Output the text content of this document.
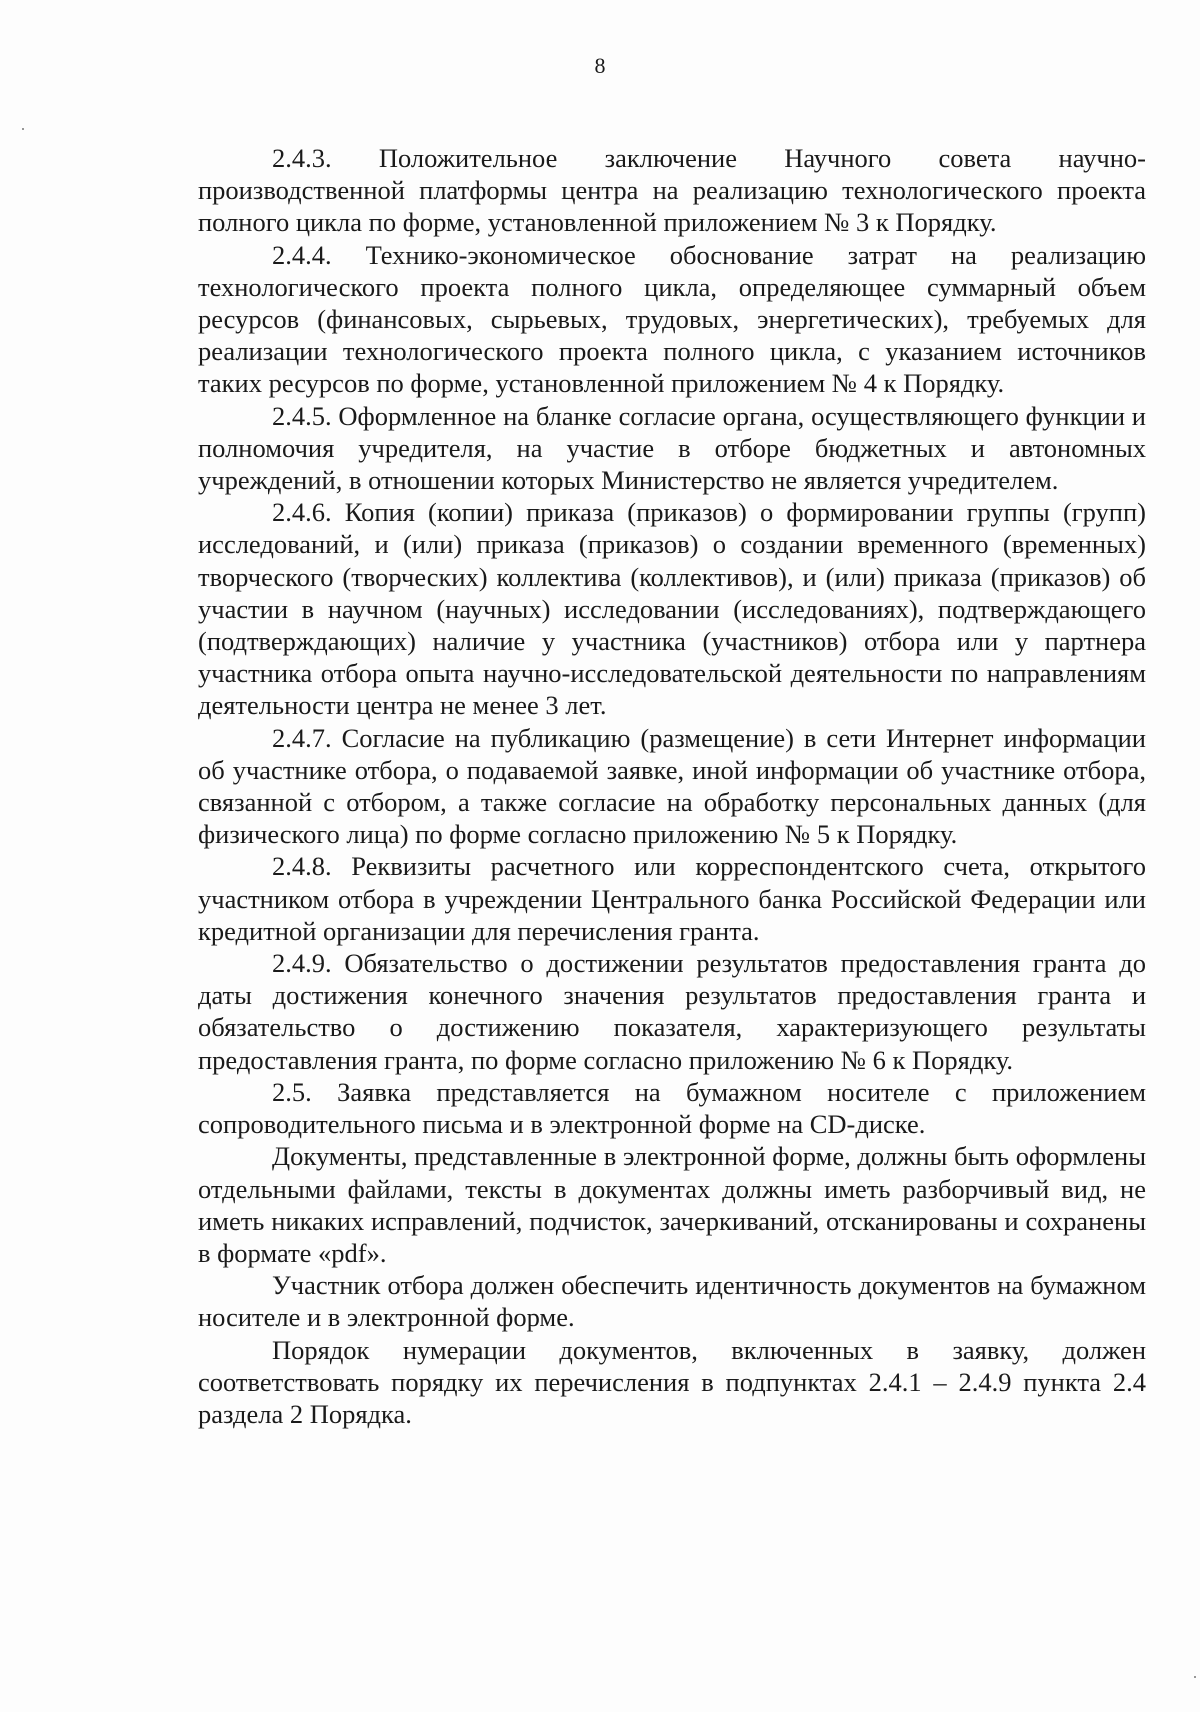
8

2.4.3. Положительное заключение Научного совета научно-производственной платформы центра на реализацию технологического проекта полного цикла по форме, установленной приложением № 3 к Порядку.

2.4.4. Технико-экономическое обоснование затрат на реализацию технологического проекта полного цикла, определяющее суммарный объем ресурсов (финансовых, сырьевых, трудовых, энергетических), требуемых для реализации технологического проекта полного цикла, с указанием источников таких ресурсов по форме, установленной приложением № 4 к Порядку.

2.4.5. Оформленное на бланке согласие органа, осуществляющего функции и полномочия учредителя, на участие в отборе бюджетных и автономных учреждений, в отношении которых Министерство не является учредителем.

2.4.6. Копия (копии) приказа (приказов) о формировании группы (групп) исследований, и (или) приказа (приказов) о создании временного (временных) творческого (творческих) коллектива (коллективов), и (или) приказа (приказов) об участии в научном (научных) исследовании (исследованиях), подтверждающего (подтверждающих) наличие у участника (участников) отбора или у партнера участника отбора опыта научно-исследовательской деятельности по направлениям деятельности центра не менее 3 лет.

2.4.7. Согласие на публикацию (размещение) в сети Интернет информации об участнике отбора, о подаваемой заявке, иной информации об участнике отбора, связанной с отбором, а также согласие на обработку персональных данных (для физического лица) по форме согласно приложению № 5 к Порядку.

2.4.8. Реквизиты расчетного или корреспондентского счета, открытого участником отбора в учреждении Центрального банка Российской Федерации или кредитной организации для перечисления гранта.

2.4.9. Обязательство о достижении результатов предоставления гранта до даты достижения конечного значения результатов предоставления гранта и обязательство о достижению показателя, характеризующего результаты предоставления гранта, по форме согласно приложению № 6 к Порядку.

2.5. Заявка представляется на бумажном носителе с приложением сопроводительного письма и в электронной форме на CD-диске.

Документы, представленные в электронной форме, должны быть оформлены отдельными файлами, тексты в документах должны иметь разборчивый вид, не иметь никаких исправлений, подчисток, зачеркиваний, отсканированы и сохранены в формате «pdf».

Участник отбора должен обеспечить идентичность документов на бумажном носителе и в электронной форме.

Порядок нумерации документов, включенных в заявку, должен соответствовать порядку их перечисления в подпунктах 2.4.1 – 2.4.9 пункта 2.4 раздела 2 Порядка.
